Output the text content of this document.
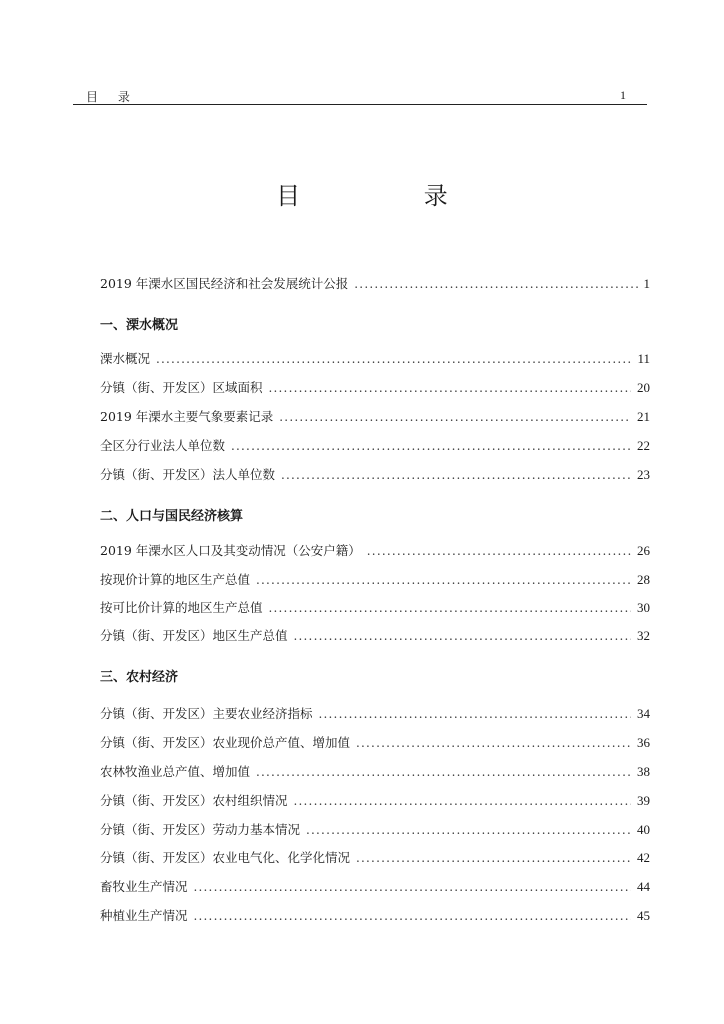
目 录	1
目 录
2019 年溧水区国民经济和社会发展统计公报 .....	1
一、溧水概况
溧水概况 .....	11
分镇（街、开发区）区域面积 .....	20
2019 年溧水主要气象要素记录 .....	21
全区分行业法人单位数 .....	22
分镇（街、开发区）法人单位数 .....	23
二、人口与国民经济核算
2019 年溧水区人口及其变动情况（公安户籍） .....	26
按现价计算的地区生产总值 .....	28
按可比价计算的地区生产总值 .....	30
分镇（街、开发区）地区生产总值 .....	32
三、农村经济
分镇（街、开发区）主要农业经济指标 .....	34
分镇（街、开发区）农业现价总产值、增加值 .....	36
农林牧渔业总产值、增加值 .....	38
分镇（街、开发区）农村组织情况 .....	39
分镇（街、开发区）劳动力基本情况 .....	40
分镇（街、开发区）农业电气化、化学化情况 .....	42
畜牧业生产情况 .....	44
种植业生产情况 .....	45
